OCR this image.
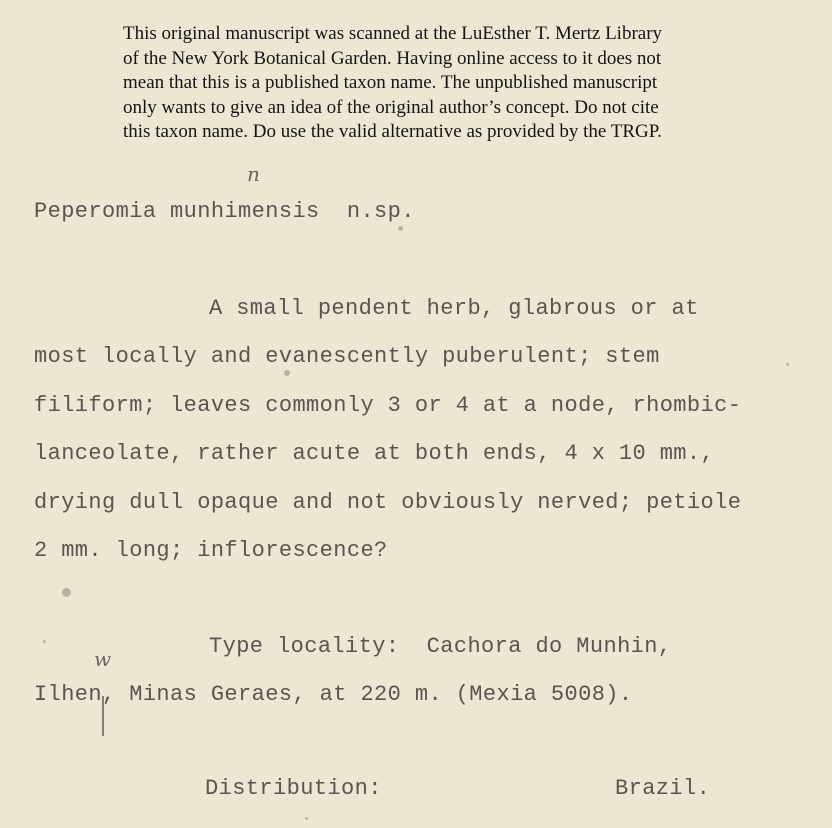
This original manuscript was scanned at the LuEsther T. Mertz Library
of the New York Botanical Garden. Having online access to it does not
mean that this is a published taxon name. The unpublished manuscript
only wants to give an idea of the original author’s concept. Do not cite
this taxon name. Do use the valid alternative as provided by the TRGP.
n
Peperomia munhimensis  n.sp.
A small pendent herb, glabrous or at
most locally and evanescently puberulent; stem
filiform; leaves commonly 3 or 4 at a node, rhombic-
lanceolate, rather acute at both ends, 4 x 10 mm.,
drying dull opaque and not obviously nerved; petiole
2 mm. long; inflorescence?
Type locality:  Cachora do Munhin,
w
Ilhen, Minas Geraes, at 220 m. (Mexia 5008).
Distribution:	Brazil.
